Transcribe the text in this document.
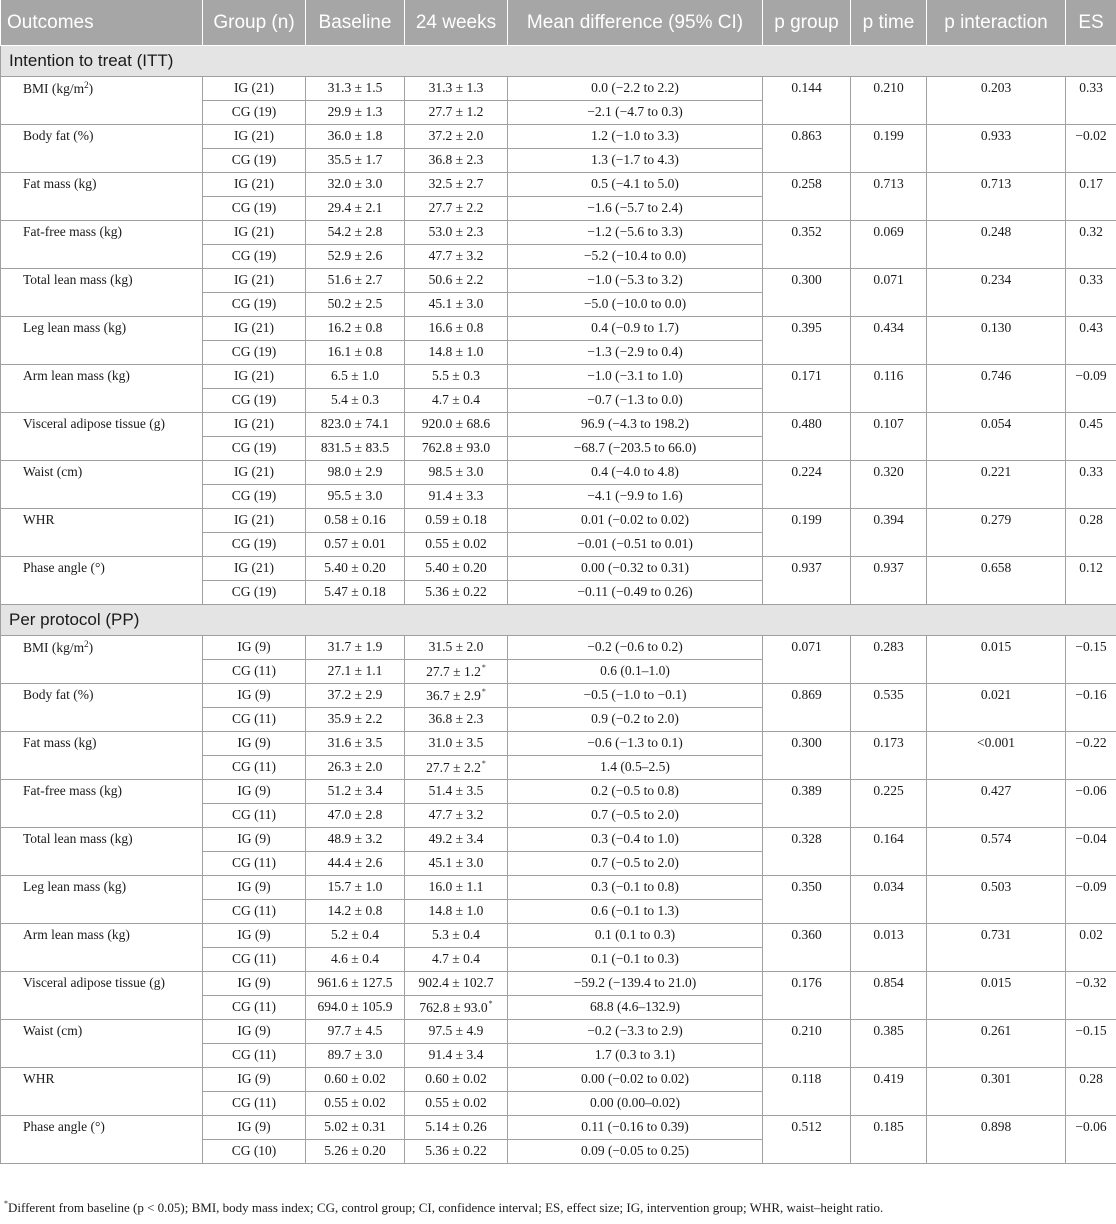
Outcomes	Group (n)	Baseline	24 weeks	Mean difference (95% CI)	p group	p time	p interaction	ES
Intention to treat (ITT)								
BMI $(kg/m^2)$	IG (21)	31.3 ± 1.5	31.3 ± 1.3	0.0 (−2.2 to 2.2)	0.144	0.210	0.203	0.33
	CG (19)	29.9 ± 1.3	27.7 ± 1.2	−2.1 (−4.7 to 0.3)				
Body fat (%)	IG (21)	36.0 ± 1.8	37.2 ± 2.0	1.2 (−1.0 to 3.3)	0.863	0.199	0.933	−0.02
	CG (19)	35.5 ± 1.7	36.8 ± 2.3	1.3 (−1.7 to 4.3)				
Fat mass (kg)	IG (21)	32.0 ± 3.0	32.5 ± 2.7	0.5 (−4.1 to 5.0)	0.258	0.713	0.713	0.17
	CG (19)	29.4 ± 2.1	27.7 ± 2.2	−1.6 (−5.7 to 2.4)				
Fat-free mass (kg)	IG (21)	54.2 ± 2.8	53.0 ± 2.3	−1.2 (−5.6 to 3.3)	0.352	0.069	0.248	0.32
	CG (19)	52.9 ± 2.6	47.7 ± 3.2	−5.2 (−10.4 to 0.0)				
Total lean mass (kg)	IG (21)	51.6 ± 2.7	50.6 ± 2.2	−1.0 (−5.3 to 3.2)	0.300	0.071	0.234	0.33
	CG (19)	50.2 ± 2.5	45.1 ± 3.0	−5.0 (−10.0 to 0.0)				
Leg lean mass (kg)	IG (21)	16.2 ± 0.8	16.6 ± 0.8	0.4 (−0.9 to 1.7)	0.395	0.434	0.130	0.43
	CG (19)	16.1 ± 0.8	14.8 ± 1.0	−1.3 (−2.9 to 0.4)				
Arm lean mass (kg)	IG (21)	6.5 ± 1.0	5.5 ± 0.3	−1.0 (−3.1 to 1.0)	0.171	0.116	0.746	−0.09
	CG (19)	5.4 ± 0.3	4.7 ± 0.4	−0.7 (−1.3 to 0.0)				
Visceral adipose tissue (g)	IG (21)	823.0 ± 74.1	920.0 ± 68.6	96.9 (−4.3 to 198.2)	0.480	0.107	0.054	0.45
	CG (19)	831.5 ± 83.5	762.8 ± 93.0	−68.7 (−203.5 to 66.0)				
Waist (cm)	IG (21)	98.0 ± 2.9	98.5 ± 3.0	0.4 (−4.0 to 4.8)	0.224	0.320	0.221	0.33
	CG (19)	95.5 ± 3.0	91.4 ± 3.3	−4.1 (−9.9 to 1.6)				
WHR	IG (21)	0.58 ± 0.16	0.59 ± 0.18	0.01 (−0.02 to 0.02)	0.199	0.394	0.279	0.28
	CG (19)	0.57 ± 0.01	0.55 ± 0.02	−0.01 (−0.51 to 0.01)				
Phase angle (°)	IG (21)	5.40 ± 0.20	5.40 ± 0.20	0.00 (−0.32 to 0.31)	0.937	0.937	0.658	0.12
	CG (19)	5.47 ± 0.18	5.36 ± 0.22	−0.11 (−0.49 to 0.26)				
Per protocol (PP)								
BMI $(kg/m^2)$	IG (9)	31.7 ± 1.9	31.5 ± 2.0	−0.2 (−0.6 to 0.2)	0.071	0.283	0.015	−0.15
	CG (11)	27.1 ± 1.1	27.7 ± 1.2*	0.6 (0.1–1.0)				
Body fat (%)	IG (9)	37.2 ± 2.9	36.7 ± 2.9*	−0.5 (−1.0 to −0.1)	0.869	0.535	0.021	−0.16
	CG (11)	35.9 ± 2.2	36.8 ± 2.3	0.9 (−0.2 to 2.0)				
Fat mass (kg)	IG (9)	31.6 ± 3.5	31.0 ± 3.5	−0.6 (−1.3 to 0.1)	0.300	0.173	<0.001	−0.22
	CG (11)	26.3 ± 2.0	27.7 ± 2.2*	1.4 (0.5–2.5)				
Fat-free mass (kg)	IG (9)	51.2 ± 3.4	51.4 ± 3.5	0.2 (−0.5 to 0.8)	0.389	0.225	0.427	−0.06
	CG (11)	47.0 ± 2.8	47.7 ± 3.2	0.7 (−0.5 to 2.0)				
Total lean mass (kg)	IG (9)	48.9 ± 3.2	49.2 ± 3.4	0.3 (−0.4 to 1.0)	0.328	0.164	0.574	−0.04
	CG (11)	44.4 ± 2.6	45.1 ± 3.0	0.7 (−0.5 to 2.0)				
Leg lean mass (kg)	IG (9)	15.7 ± 1.0	16.0 ± 1.1	0.3 (−0.1 to 0.8)	0.350	0.034	0.503	−0.09
	CG (11)	14.2 ± 0.8	14.8 ± 1.0	0.6 (−0.1 to 1.3)				
Arm lean mass (kg)	IG (9)	5.2 ± 0.4	5.3 ± 0.4	0.1 (0.1 to 0.3)	0.360	0.013	0.731	0.02
	CG (11)	4.6 ± 0.4	4.7 ± 0.4	0.1 (−0.1 to 0.3)				
Visceral adipose tissue (g)	IG (9)	961.6 ± 127.5	902.4 ± 102.7	−59.2 (−139.4 to 21.0)	0.176	0.854	0.015	−0.32
	CG (11)	694.0 ± 105.9	762.8 ± 93.0*	68.8 (4.6–132.9)				
Waist (cm)	IG (9)	97.7 ± 4.5	97.5 ± 4.9	−0.2 (−3.3 to 2.9)	0.210	0.385	0.261	−0.15
	CG (11)	89.7 ± 3.0	91.4 ± 3.4	1.7 (0.3 to 3.1)				
WHR	IG (9)	0.60 ± 0.02	0.60 ± 0.02	0.00 (−0.02 to 0.02)	0.118	0.419	0.301	0.28
	CG (11)	0.55 ± 0.02	0.55 ± 0.02	0.00 (0.00–0.02)				
Phase angle (°)	IG (9)	5.02 ± 0.31	5.14 ± 0.26	0.11 (−0.16 to 0.39)	0.512	0.185	0.898	−0.06
	CG (10)	5.26 ± 0.20	5.36 ± 0.22	0.09 (−0.05 to 0.25)				
*Different from baseline (p < 0.05); BMI, body mass index; CG, control group; CI, confidence interval; ES, effect size; IG, intervention group; WHR, waist–height ratio.
